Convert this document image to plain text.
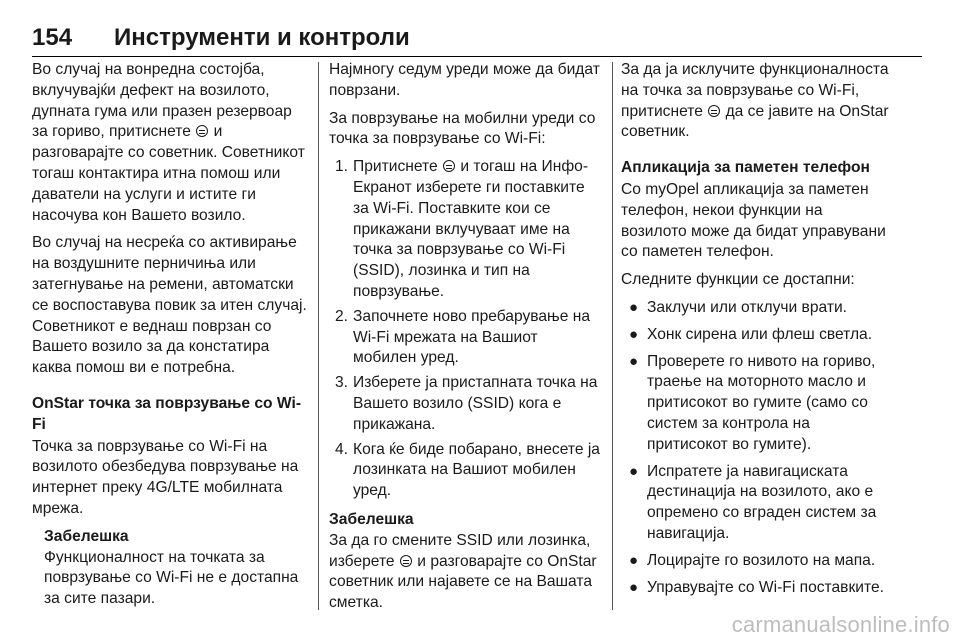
154	Инструменти и контроли

Во случај на вонредна состојба, вклучувајќи дефект на возилото, дупната гума или празен резервоар за гориво, притиснете и разговарајте со советник. Советникот тогаш контактира итна помош или даватели на услуги и истите ги насочува кон Вашето возило.

Во случај на несреќа со активирање на воздушните перничиња или затегнување на ремени, автоматски се воспоставува повик за итен случај. Советникот е веднаш поврзан со Вашето возило за да констатира каква помош ви е потребна.

OnStar точка за поврзување со Wi-Fi

Точка за поврзување со Wi-Fi на возилото обезбедува поврзување на интернет преку 4G/LTE мобилната мрежа.

Забелешка
Функционалност на точката за поврзување со Wi-Fi не е достапна за сите пазари.

Најмногу седум уреди може да бидат поврзани.

За поврзување на мобилни уреди со точка за поврзување со Wi-Fi:

1. Притиснете и тогаш на Инфо-Екранот изберете ги поставките за Wi-Fi. Поставките кои се прикажани вклучуваат име на точка за поврзување со Wi-Fi (SSID), лозинка и тип на поврзување.
2. Започнете ново пребарување на Wi-Fi мрежата на Вашиот мобилен уред.
3. Изберете ја пристапната точка на Вашето возило (SSID) кога е прикажана.
4. Кога ќе биде побарано, внесете ја лозинката на Вашиот мобилен уред.
Забелешка
За да го смените SSID или лозинка, изберете и разговарајте со OnStar советник или најавете се на Вашата сметка.

За да ја исклучите функционалноста на точка за поврзување со Wi-Fi, притиснете да се јавите на OnStar советник.

Апликација за паметен телефон

Со myOpel апликација за паметен телефон, некои функции на возилото може да бидат управувани со паметен телефон.

Следните функции се достапни:

● Заклучи или отклучи врати.
● Хонк сирена или флеш светла.
● Проверете го нивото на гориво, траење на моторното масло и притисокот во гумите (само со систем за контрола на притисокот во гумите).
● Испратете ја навигациската дестинација на возилото, ако е опремено со вграден систем за навигација.
● Лоцирајте го возилото на мапа.
● Управувајте со Wi-Fi поставките.
carmanualsonline.info
